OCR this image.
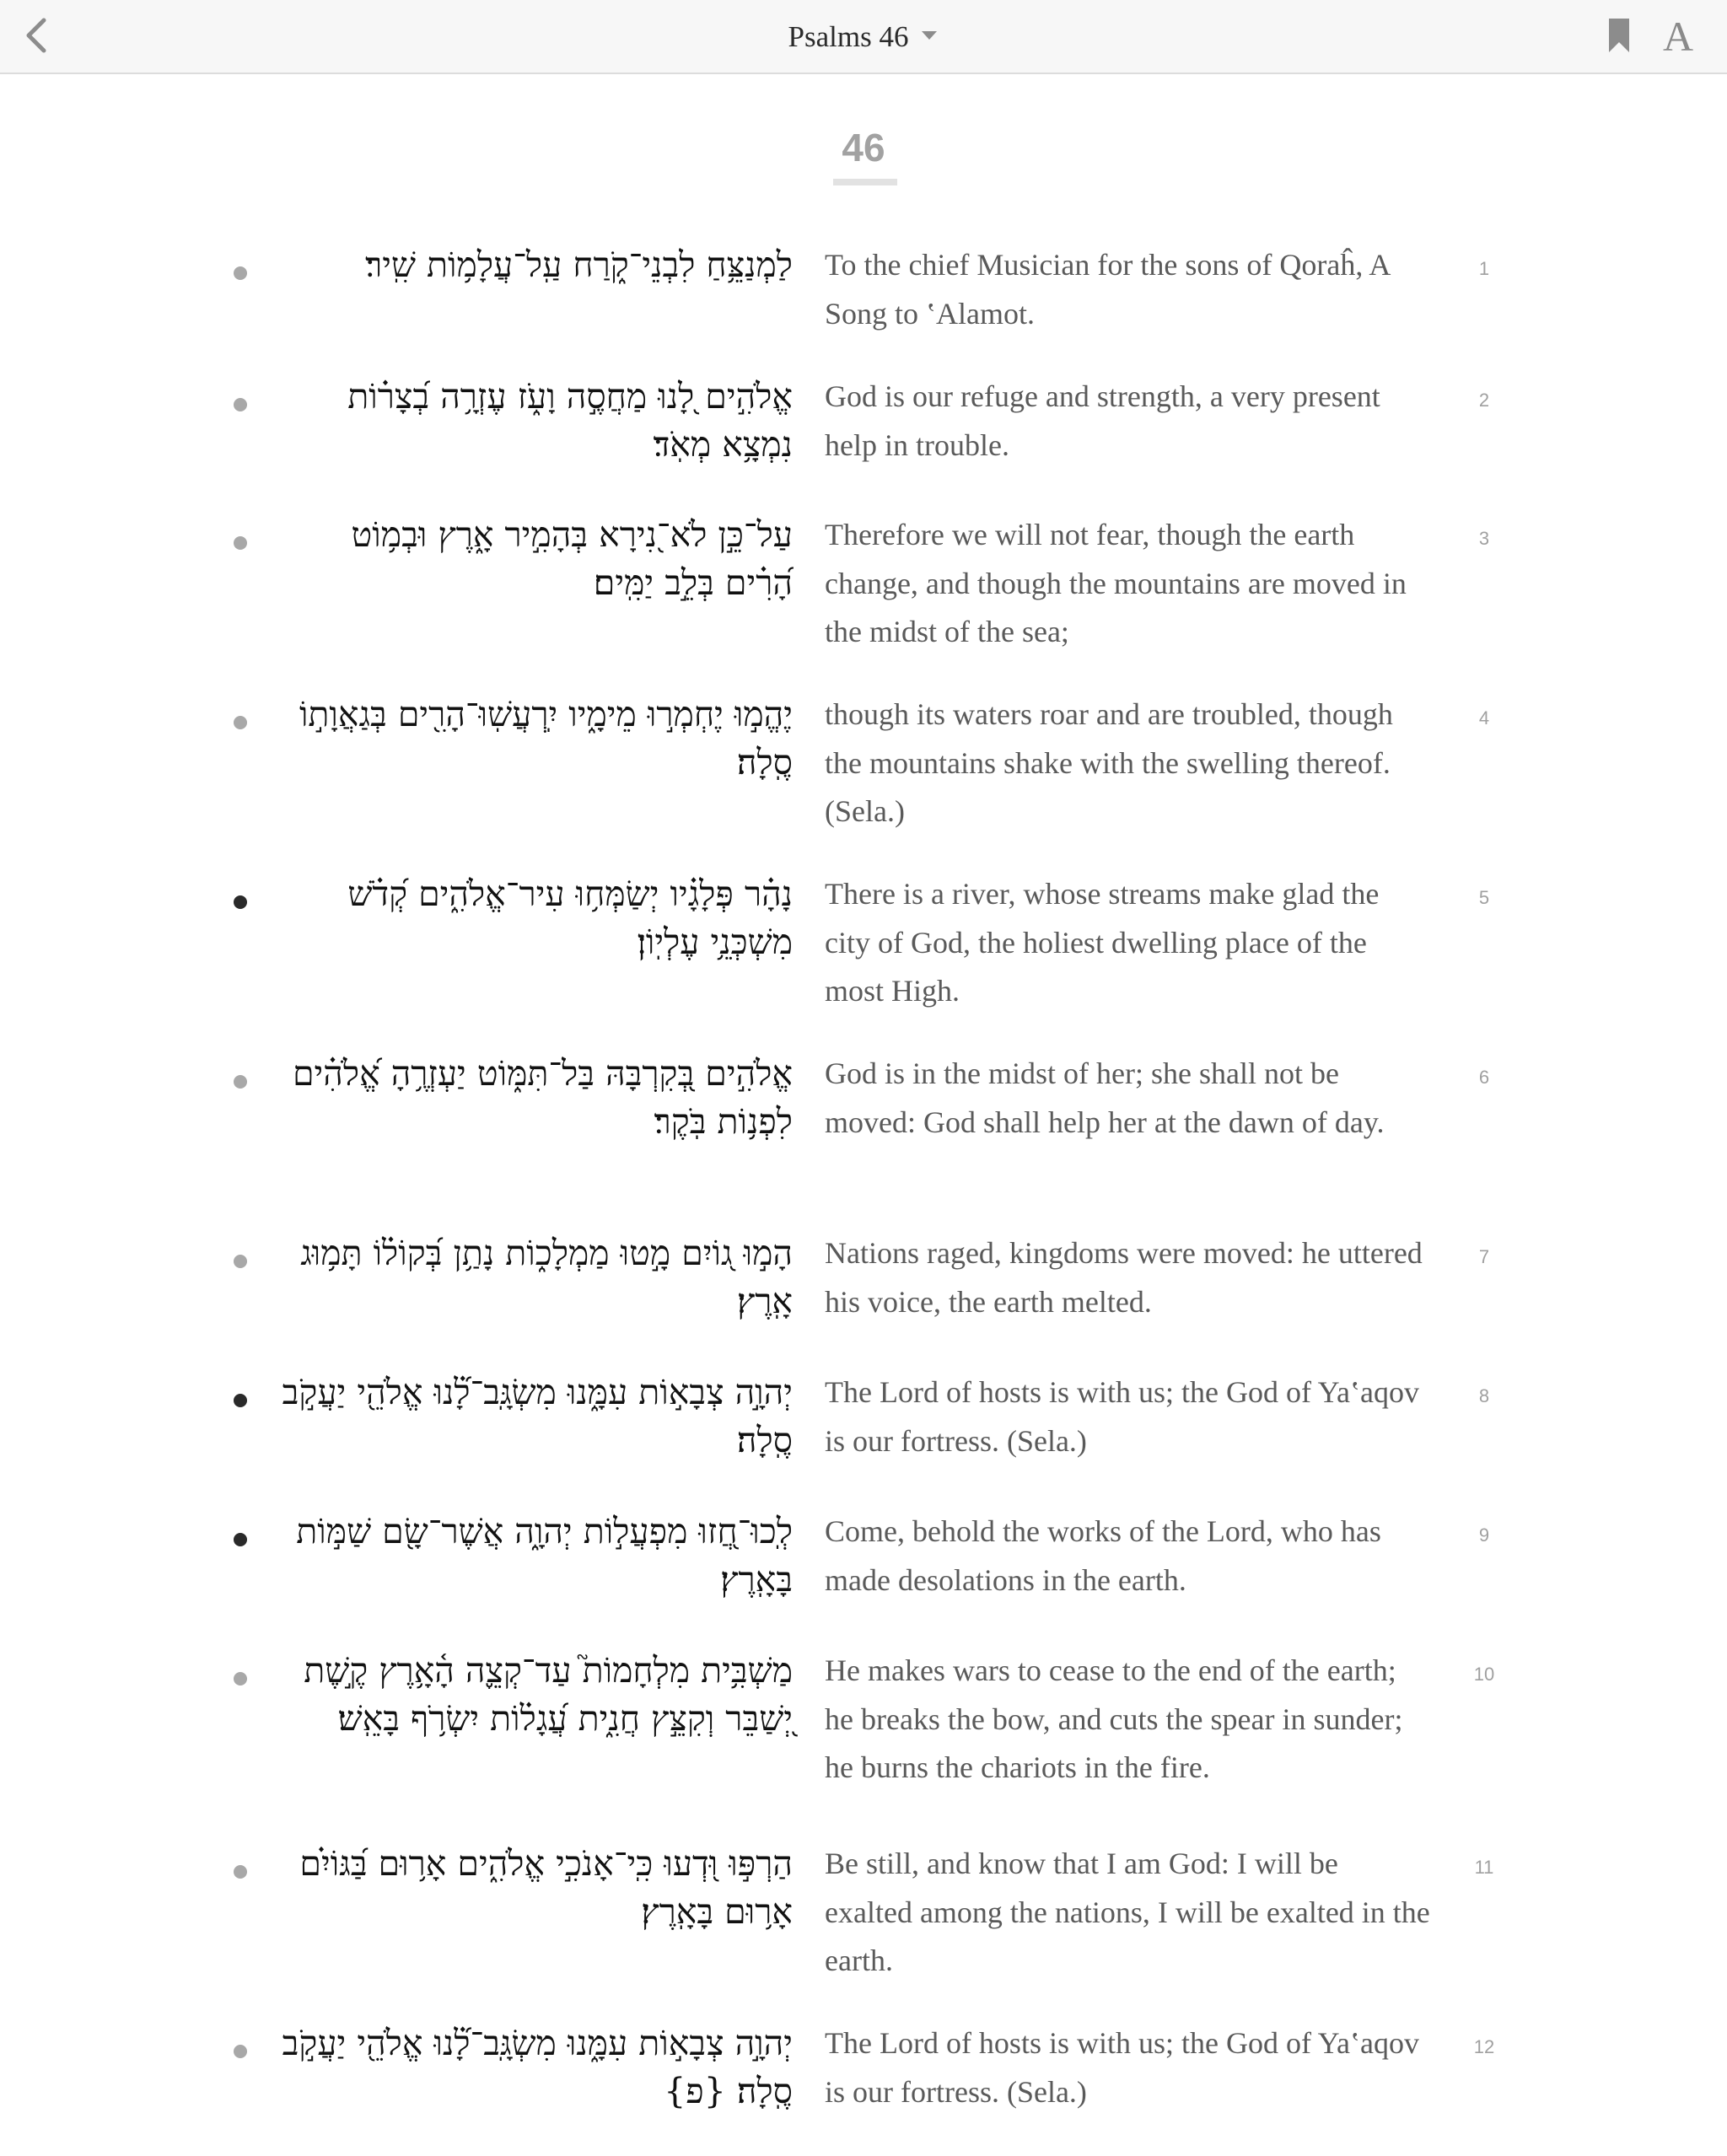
Psalms 46	A
46
לַמְנַצֵּ֥חַ לִבְנֵי־קֹ֑רַח עַֽל־עֲלָמ֥וֹת שִֽׁיר׃ To the chief Musician for the sons of Qoraĥ, A Song to ʽAlamot.
1
אֱלֹהִ֣ים לָ֭נוּ מַחֲסֶ֣ה וָעֹ֑ז עֶזְרָ֥ה בְ֝צָר֗וֹת נִמְצָ֥א מְאֹֽד׃
God is our refuge and strength, a very present help in trouble.
2
עַל־כֵּ֣ן לֹא־נִ֭ירָא בְּהָמִ֣יר אָ֑רֶץ וּבְמ֥וֹט הָ֝רִ֗ים בְּלֵ֣ב יַמִּֽים׃
Therefore we will not fear, though the earth change, and though the mountains are moved in the midst of the sea;
3
יֶהֱמ֣וּ יֶחְמְר֣וּ מֵימָ֑יו יִֽרְעֲשֽׁוּ־הָרִ֖ים בְּגַאֲוָת֣וֹ סֶֽלָה׃
though its waters roar and are troubled, though the mountains shake with the swelling thereof. (Sela.)
4
נָהָ֗ר פְּלָגָ֗יו יְשַׂמְּח֥וּ עִיר־אֱלֹהִ֑ים קְ֝דֹ֗שׁ מִשְׁכְּנֵ֥י עֶלְיֽוֹן׃
There is a river, whose streams make glad the city of God, the holiest dwelling place of the most High.
5
אֱלֹהִ֣ים בְּ֭קִרְבָּהּ בַּל־תִּמּ֑וֹט יַעְזְרֶ֥הָ אֱ֝לֹהִ֗ים לִפְנ֥וֹת בֹּֽקֶר׃
God is in the midst of her; she shall not be moved: God shall help her at the dawn of day.
6
הָמ֣וּ ג֭וֹיִם מָ֣טוּ מַמְלָכ֑וֹת נָתַ֥ן בְּ֝קוֹל֗וֹ תָּמ֥וּג אָֽרֶץ׃
Nations raged, kingdoms were moved: he uttered his voice, the earth melted.
7
יְהוָ֣ה צְבָא֣וֹת עִמָּ֑נוּ מִשְׂגָּֽב־לָ֝֗נוּ אֱלֹהֵ֖י יַעֲקֹ֣ב סֶֽלָה׃
The Lord of hosts is with us; the God of Yaʽaqov is our fortress. (Sela.)
8
לְֽכוּ־חֲ֭זוּ מִפְעֲל֣וֹת יְהוָ֑ה אֲשֶׁר־שָׂ֖ם שַׁמּ֣וֹת בָּאָֽרֶץ׃
Come, behold the works of the Lord, who has made desolations in the earth.
9
מַשְׁבִּ֥ית מִלְחָמוֹת֮ עַד־קְצֵ֢ה הָ֫אָ֥רֶץ קֶ֣שֶׁת יְ֭שַׁבֵּר וְקִצֵּ֣ץ חֲנִ֑ית עֲ֝גָל֗וֹת יִשְׂרֹ֥ף בָּאֵֽשׁ׃
He makes wars to cease to the end of the earth; he breaks the bow, and cuts the spear in sunder; he burns the chariots in the fire.
10
הַרְפּ֣וּ וּ֭דְעוּ כִּֽי־אָנֹכִ֣י אֱלֹהִ֑ים אָר֥וּם בַּ֝גּוֹיִ֗ם אָר֥וּם בָּאָֽרֶץ׃
Be still, and know that I am God: I will be exalted among the nations, I will be exalted in the earth.
11
יְהוָ֣ה צְבָא֣וֹת עִמָּ֑נוּ מִשְׂגָּֽב־לָ֝֗נוּ אֱלֹהֵ֖י יַעֲקֹ֣ב סֶֽלָה׃ {פ}
The Lord of hosts is with us; the God of Yaʽaqov is our fortress. (Sela.)
12
